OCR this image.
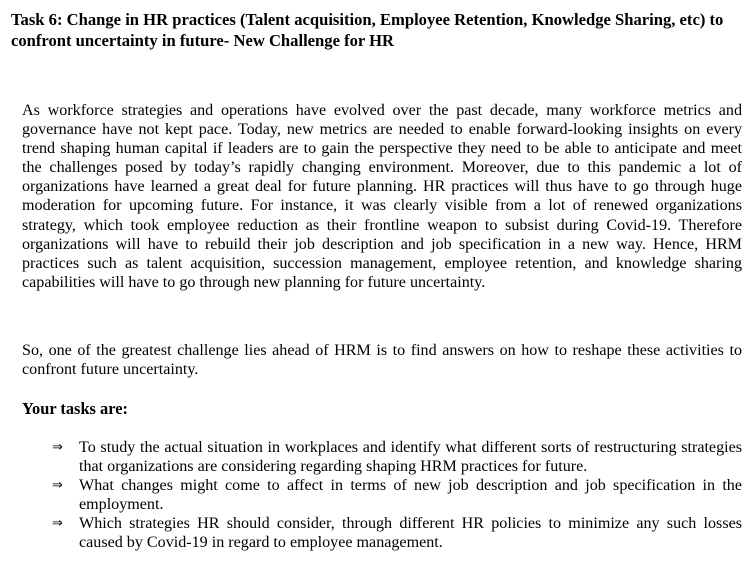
Task 6: Change in HR practices (Talent acquisition, Employee Retention, Knowledge Sharing, etc) to confront uncertainty in future- New Challenge for HR

As workforce strategies and operations have evolved over the past decade, many workforce metrics and governance have not kept pace. Today, new metrics are needed to enable forward-looking insights on every trend shaping human capital if leaders are to gain the perspective they need to be able to anticipate and meet the challenges posed by today’s rapidly changing environment. Moreover, due to this pandemic a lot of organizations have learned a great deal for future planning. HR practices will thus have to go through huge moderation for upcoming future. For instance, it was clearly visible from a lot of renewed organizations strategy, which took employee reduction as their frontline weapon to subsist during Covid-19. Therefore organizations will have to rebuild their job description and job specification in a new way. Hence, HRM practices such as talent acquisition, succession management, employee retention, and knowledge sharing capabilities will have to go through new planning for future uncertainty.

So, one of the greatest challenge lies ahead of HRM is to find answers on how to reshape these activities to confront future uncertainty.

Your tasks are:

⇒ To study the actual situation in workplaces and identify what different sorts of restructuring strategies that organizations are considering regarding shaping HRM practices for future.
⇒ What changes might come to affect in terms of new job description and job specification in the employment.
⇒ Which strategies HR should consider, through different HR policies to minimize any such losses caused by Covid-19 in regard to employee management.
